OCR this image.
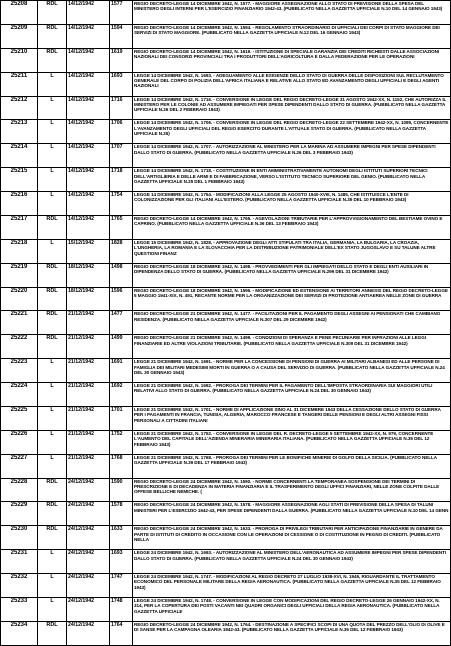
25208	RDL	14/12/1942	1577	REGIO DECRETO-LEGGE 14 DICEMBRE 1942, N. 1577. - MAGGIORE ASSEGNAZIONE ALLO STATO DI PREVISIONE DELLA SPESA DEL MINISTERO DEGLI INTERNI PER L'ESERCIZIO FINANZIARIO 1942-43. (PUBBLICATO NELLA GAZZETTA UFFICIALE N.10 DEL 14 GENNAIO 1943)

25209	RDL	14/12/1942	1594	REGIO DECRETO-LEGGE 14 DICEMBRE 1942, N. 1594. - REGOLAMENTO STRAORDINARIO DI UFFICIALI DEI CORPI DI STATO MAGGIORE DEI SERVIZI DI STATO MAGGIORE. (PUBBLICATO NELLA GAZZETTA UFFICIALE N.12 DEL 16 GENNAIO 1943)

25210	RDL	14/12/1942	1619	REGIO DECRETO-LEGGE 14 DICEMBRE 1942, N. 1619. - ISTITUZIONE DI SPECIALE GARANZIA DEI CREDITI RICHIESTI DALLE ASSOCIAZIONI NAZIONALI DEI CONSORZI PROVINCIALI TRA I PRODUTTORI DELL'AGRICOLTURA E DALLA FEDERAZIONE PER LE OPERAZIONI

25211	L	14/12/1942	1693	LEGGE 14 DICEMBRE 1942, N. 1693. - ADEGUAMENTO ALLE ESIGENZE DELLO STATO DI GUERRA DELLE DISPOSIZIONI SUL RECLUTAMENTO GENERALE DEL CORPO DI POLIZIA DELL'AFRICA ITALIANA E RELATIVE ALLO STATO ED AVANZAMENTO DEGLI UFFICIALI E DEGLI AGENTI NAZIONALI

25212	L	14/12/1942	1716	LEGGE 14 DICEMBRE 1942, N. 1716. - CONVERSIONE IN LEGGE DEL REGIO DECRETO-LEGGE 31 AGOSTO 1942-XX, N. 1152, CHE AUTORIZZA IL MINISTERO PER LE COLONIE AD ASSUMERE IMPIEGATI PER SPESE DIPENDENTI DALLO STATO DI GUERRA. (PUBBLICATO NELLA GAZZETTA UFFICIALE N.26 DEL 2 FEBBRAIO 1943)

25213	L	14/12/1942	1706	LEGGE 14 DICEMBRE 1942, N. 1706. - CONVERSIONE IN LEGGE DEL REGIO DECRETO-LEGGE 22 SETTEMBRE 1942-XX, N. 1089, CONCERNENTE L'AVANZAMENTO DEGLI UFFICIALI DEL REGIO ESERCITO DURANTE L'ATTUALE STATO DI GUERRA. (PUBBLICATO NELLA GAZZETTA UFFICIALE N.26)

25214	L	14/12/1942	1707	LEGGE 14 DICEMBRE 1942, N. 1707. - AUTORIZZAZIONE AL MINISTERO PER LA MARINA AD ASSUMERE IMPEGNI PER SPESE DIPENDENTI DALLO STATO DI GUERRA. (PUBBLICATO NELLA GAZZETTA UFFICIALE N.26 DEL 3 FEBBRAIO 1943)

25215	L	14/12/1942	1718	LEGGE 14 DICEMBRE 1942, N. 1718. - COSTITUZIONE IN ENTI AMMINISTRATIVAMENTE AUTONOMI DEGLI ISTITUTI SUPERIORI TECNICI DELL'ARTIGLIERIA E DELLE ARMI E DI FABBRICAZIONE, VERSO L'ISTITUTO TECNICO SUPERIORE DEL GENIO. (PUBBLICATO NELLA GAZZETTA UFFICIALE N.25 DEL 1 FEBBRAIO 1943)

25216	L	14/12/1942	1754	LEGGE 14 DICEMBRE 1942, N. 1754. - MODIFICAZIONI ALLA LEGGE 25 AGOSTO 1940-XVIII, N. 1485, CHE ISTITUISCE L'ENTE DI COLONIZZAZIONE PER GLI ITALIANI ALL'ESTERO. (PUBBLICATO NELLA GAZZETTA UFFICIALE N.35 DEL 10 FEBBRAIO 1943)

25217	RDL	14/12/1942	1765	REGIO DECRETO-LEGGE 14 DICEMBRE 1942, N. 1765. - AGEVOLAZIONI TRIBUTARIE PER L'APPROVVIGIONAMENTO DEL BESTIAME OVINO E CAPRINO. (PUBBLICATO NELLA GAZZETTA UFFICIALE N.36 DEL 13 FEBBRAIO 1943)

25218	L	15/12/1942	1828	LEGGE 15 DICEMBRE 1942, N. 1828. - APPROVAZIONE DEGLI ATTI STIPULATI TRA ITALIA, GERMANIA, LA BULGARIA, LA CROAZIA, L'UNGHERIA, LA ROMANIA E LA SLOVACCHIA PER LA DISTRIBUZIONE PATRIMONIALE DELL'EX STATO JUGOSLAVO E SU TALUNE ALTRE QUESTIONI FINANZ

25219	RDL	18/12/1942	1498	REGIO DECRETO-LEGGE 18 DICEMBRE 1942, N. 1498. - PROVVEDIMENTI PER GLI IMPIEGATI DELLO STATO E DEGLI ENTI AUSILIARI IN DIPENDENZA DELLO STATO DI GUERRA. (PUBBLICATO NELLA GAZZETTA UFFICIALE N.299 DEL 31 DICEMBRE 1942)

25220	RDL	18/12/1942	1596	REGIO DECRETO-LEGGE 18 DICEMBRE 1942, N. 1596. - MODIFICAZIONE ED ESTENSIONE AI TERRITORI ANNESSI DEL REGIO DECRETO-LEGGE 5 MAGGIO 1941-XIX, N. 491, RECANTE NORME PER LA ORGANIZZAZIONE DEI SERVIZI DI PROTEZIONE ANTIAEREA NELLE ZONE DI GUERRA

25221	RDL	21/12/1942	1477	REGIO DECRETO-LEGGE 21 DICEMBRE 1942, N. 1477. - FACILITAZIONI PER IL PAGAMENTO DEGLI ASSEGNI AI PENSIONATI CHE CAMBIANO RESIDENZA. (PUBBLICATO NELLA GAZZETTA UFFICIALE N.307 DEL 29 DICEMBRE 1942)

25222	RDL	21/12/1942	1499	REGIO DECRETO-LEGGE 21 DICEMBRE 1942, N. 1499. - CONDIZIONI DI SPERANZA E PENE PECUNIARIE PER INFRAZIONI ALLE LEGGI FINANZIARIE ED ALTRE VIOLAZIONI TRIBUTARIE. (PUBBLICATO NELLA GAZZETTA UFFICIALE N.309 DEL 31 DICEMBRE 1942)

25223	L	21/12/1942	1691	LEGGE 21 DICEMBRE 1942, N. 1691. - NORME PER LA CONCESSIONE DI PENSIONI DI GUERRA AI MILITARI ALBANESI ED ALLE PERSONE DI FAMIGLIA DEI MILITARI MEDESIMI MORTI IN GUERRA O A CAUSA DEL SERVIZIO DI GUERRA. (PUBBLICATO NELLA GAZZETTA UFFICIALE N.24 DEL 30 GENNAIO 1943)

25224	L	21/12/1942	1692	LEGGE 21 DICEMBRE 1942, N. 1692. - PROROGA DEI TERMINI PER IL PAGAMENTO DELL'IMPOSTA STRAORDINARIA SUI MAGGIORI UTILI RELATIVI ALLO STATO DI GUERRA. (PUBBLICATO NELLA GAZZETTA UFFICIALE N.24 DEL 30 GENNAIO 1943)

25225	L	21/12/1942	1701	LEGGE 21 DICEMBRE 1942, N. 1701. - NORME DI APPLICAZIONE SINO AL 31 DICEMBRE 1943 DELLA CESSAZIONE DELLO STATO DI GUERRA PER I PAGAMENTI IN FRANCIA, TUNISIA, ALGERIA, MAROCCO FRANCESE E TANGERI DELLE PENSIONI E DEGLI ALTRI ASSEGNI FISSI PERSONALI A CITTADINI ITALIANI

25226	L	21/12/1942	1752	LEGGE 21 DICEMBRE 1942, N. 1752. - CONVERSIONE IN LEGGE DEL R. DECRETO-LEGGE 5 SETTEMBRE 1942-XX, N. 979, CONCERNENTE L'AUMENTO DEL CAPITALE DELL'AZIENDA MINERARIA MINERARIA ITALIANA. (PUBBLICATO NELLA GAZZETTA UFFICIALE N.35 DEL 12 FEBBRAIO 1943)

25227	L	21/12/1942	1768	LEGGE 21 DICEMBRE 1942, N. 1768. - PROROGA DEI TERMINI PER LE BONIFICHE MINERIE DI GOLFO DELLA SICILIA. (PUBBLICATO NELLA GAZZETTA UFFICIALE N.39 DEL 17 FEBBRAIO 1943)

25228	RDL	24/12/1942	1590	REGIO DECRETO-LEGGE 24 DICEMBRE 1942, N. 1590. - NORME CONCERNENTI LA TEMPORANEA SOSPENSIONE DEI TERMINI DI PRESCRIZIONE E DI DECADENZA IN MATERIA FINANZIARIA E IL TRASFERIMENTO DEGLI UFFICI FINANZIARI, NELLE ZONE COLPITE DALLE OFFESE BELLICHE NEMICHE. (

25229	RDL	24/12/1942	1578	REGIO DECRETO-LEGGE 24 DICEMBRE 1942, N. 1578. - MAGGIORE ASSEGNAZIONE AGLI STATI DI PREVISIONE DELLA SPESA DI TALUNI MINISTERI PER L'ESERCIZIO 1942-43, PER SPESE DIPENDENTI DALLA GUERRA. (PUBBLICATO NELLA GAZZETTA UFFICIALE N.10 DEL 14 GENN

25230	RDL	24/12/1942	1633	REGIO DECRETO-LEGGE 24 DICEMBRE 1942, N. 1633. - PROROGA DI PRIVILEGI TRIBUTARI PER ANTICIPAZIONE FINANZIARIE IN GENERE DA PARTE DI ISTITUTI DI CREDITO IN OCCASIONE CON LE OPERAZIONI DI CESSIONE O DI COSTITUZIONE IN PEGNO DI CREDITI. (PUBBLICATO NELLA

25231	L	24/12/1942	1693	LEGGE 24 DICEMBRE 1942, N. 1693. - AUTORIZZAZIONE AL MINISTERO DELL'AERONAUTICA AD ASSUMERE IMPEGNI PER SPESE DIPENDENTI DALLO STATO DI GUERRA. (PUBBLICATO NELLA GAZZETTA UFFICIALE N.24 DEL 30 GENNAIO 1943)

25232	L	24/12/1942	1747	LEGGE 24 DICEMBRE 1942, N. 1747. - MODIFICAZIONI AL REGIO DECRETO 27 LUGLIO 1938-XVI, N. 1949, RIGUARDANTE IL TRATTAMENTO ECONOMICO DEL PERSONALE MILITARE DELLA REGIA AERONAUTICA. (PUBBLICATO NELLA GAZZETTA UFFICIALE N.35 DEL 12 FEBBRAIO 1943)

25233	L	24/12/1942	1748	LEGGE 24 DICEMBRE 1942, N. 1748. - CONVERSIONE IN LEGGE CON MODIFICAZIONI DEL REGIO DECRETO-LEGGE 26 GENNAIO 1942-XX, N. 314, PER LA COPERTURA DEI POSTI VACANTI NEI QUADRI ORGANICI DEGLI UFFICIALI DELLA REGIA AERONAUTICA. (PUBBLICATO NELLA GAZZETTA UFFICIALE

25234	RDL	24/12/1942	1764	REGIO DECRETO-LEGGE 24 DICEMBRE 1942, N. 1764. - DESTINAZIONE A SPECIFICI SCOPI DI UNA QUOTA DEL PREZZO DELL'OLIO DI OLIVE E DI SANSE PER LA CAMPAGNA OLEARIA 1942-43. (PUBBLICATO NELLA GAZZETTA UFFICIALE N.35 DEL 12 FEBBRAIO 1943)
